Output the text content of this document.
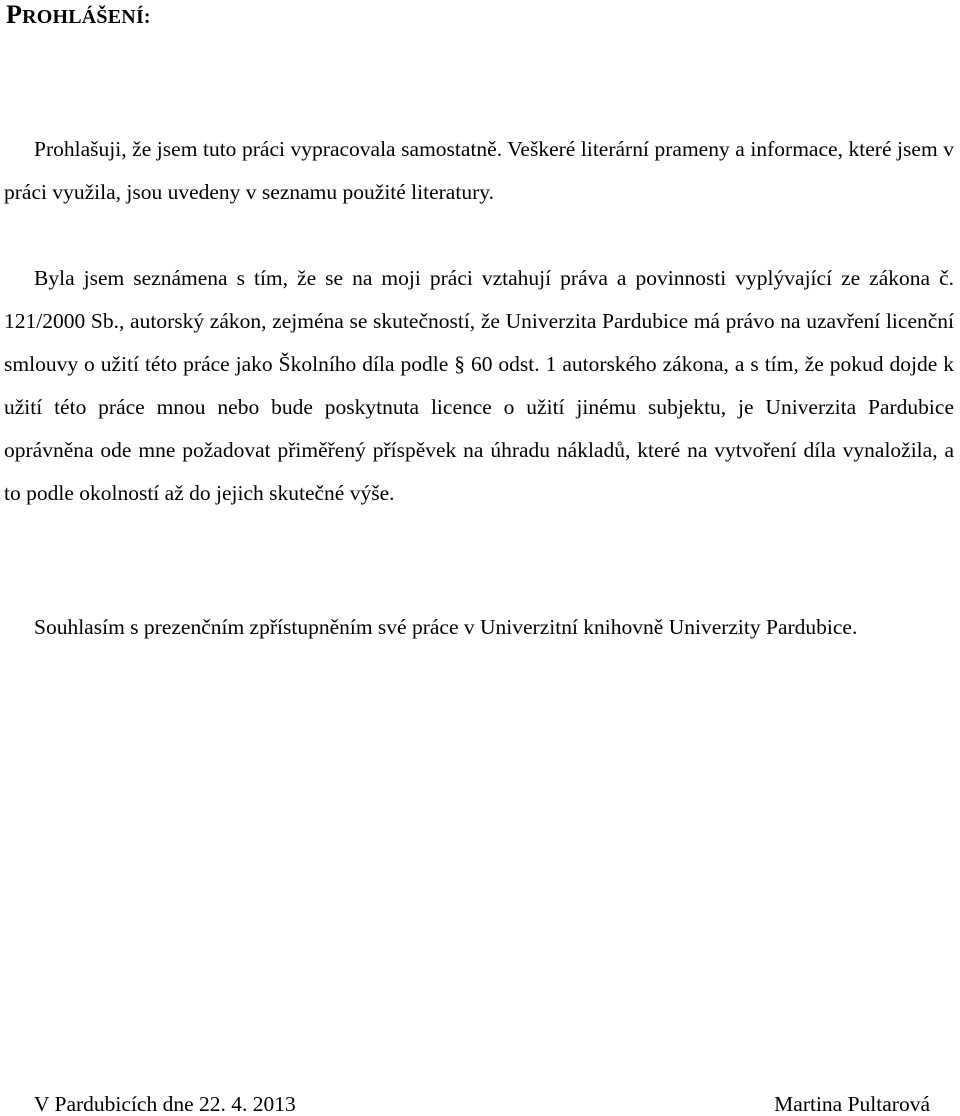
PROHLÁŠENÍ:

Prohlašuji, že jsem tuto práci vypracovala samostatně. Veškeré literární prameny a informace, které jsem v práci využila, jsou uvedeny v seznamu použité literatury.

Byla jsem seznámena s tím, že se na moji práci vztahují práva a povinnosti vyplývající ze zákona č. 121/2000 Sb., autorský zákon, zejména se skutečností, že Univerzita Pardubice má právo na uzavření licenční smlouvy o užití této práce jako Školního díla podle § 60 odst. 1 autorského zákona, a s tím, že pokud dojde k užití této práce mnou nebo bude poskytnuta licence o užití jinému subjektu, je Univerzita Pardubice oprávněna ode mne požadovat přiměřený příspěvek na úhradu nákladů, které na vytvoření díla vynaložila, a to podle okolností až do jejich skutečné výše.

Souhlasím s prezenčním zpřístupněním své práce v Univerzitní knihovně Univerzity Pardubice.

V Pardubicích dne 22. 4. 2013	Martina Pultarová
